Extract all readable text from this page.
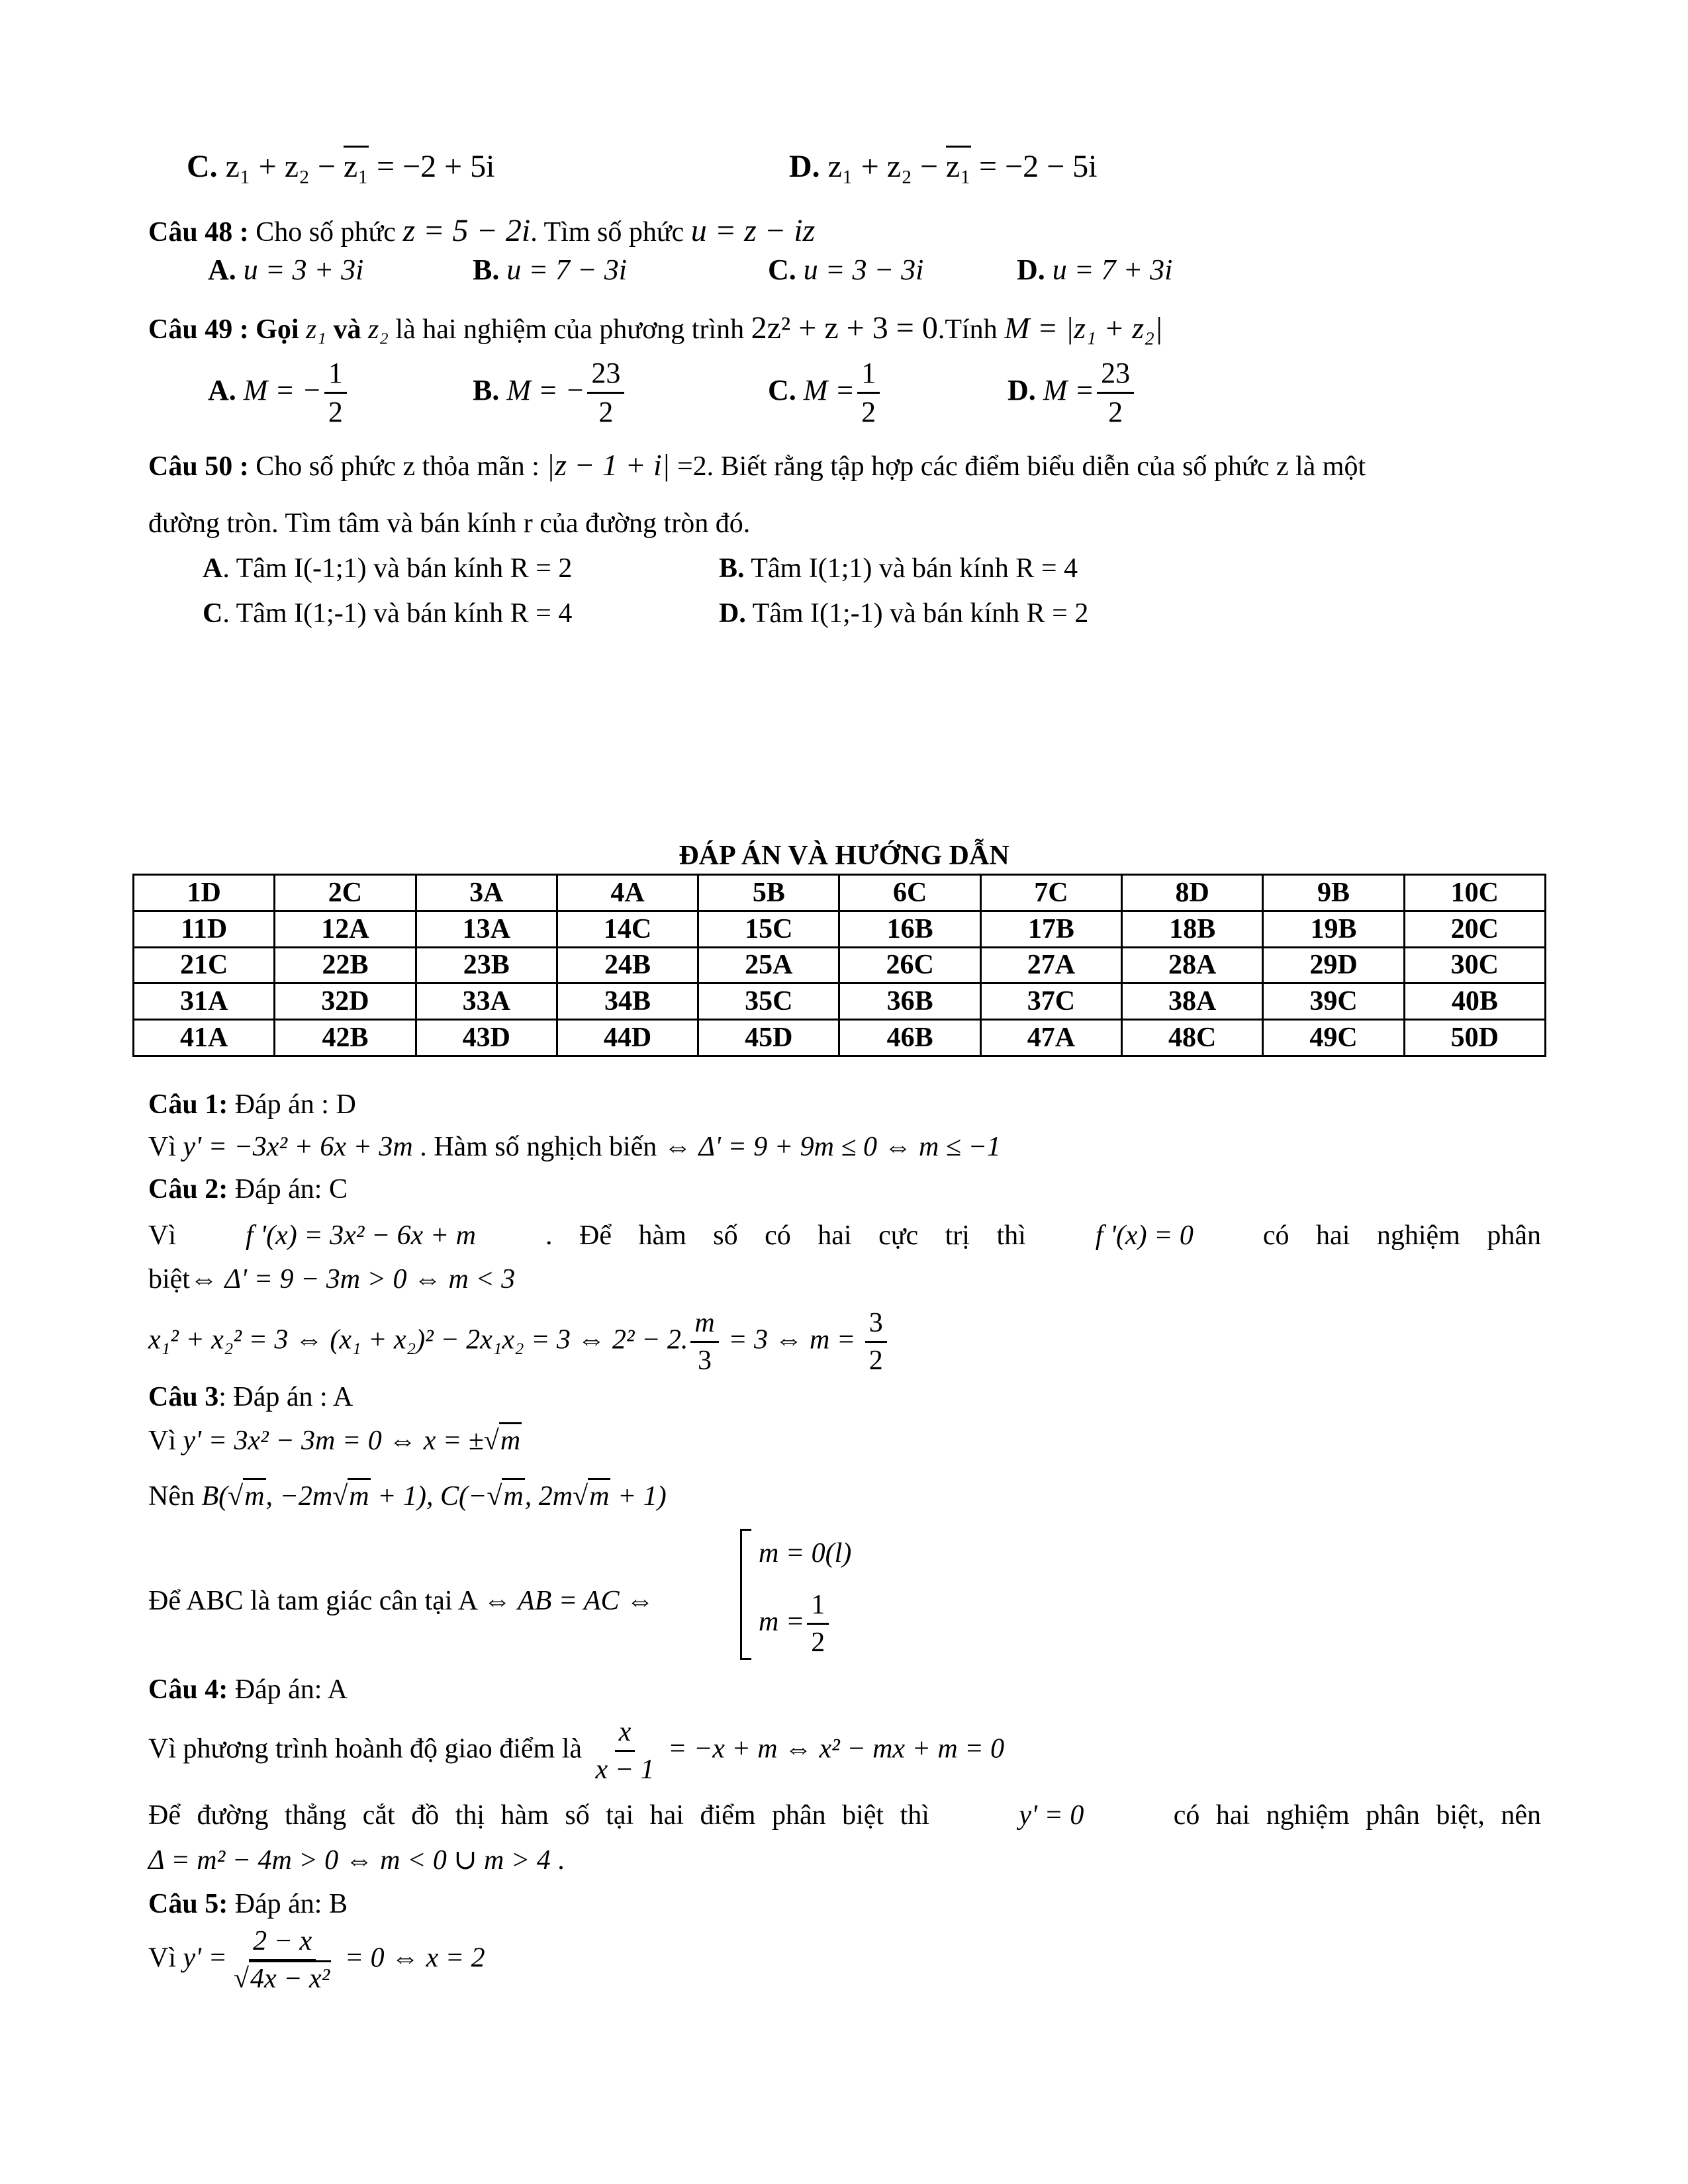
C. z₁ + z₂ − z₁ = −2 + 5i	D. z₁ + z₂ − z₁ = −2 − 5i
Câu 48 : Cho số phức z = 5 − 2i. Tìm số phức u = z − iz
A. u = 3 + 3i	B. u = 7 − 3i	C. u = 3 − 3i	D. u = 7 + 3i
Câu 49 : Gọi z₁ và z₂ là hai nghiệm của phương trình 2z² + z + 3 = 0.Tính M = |z₁ + z₂|
A. M = − $\frac{1}{2}$	B. M = − $\frac{23}{2}$	C. $M = \frac{1}{2}$	D. $M = \frac{23}{2}$
Câu 50 : Cho số phức z thỏa mãn : |z − 1 + i| =2. Biết rằng tập hợp các điểm biểu diễn của số phức z là một
đường tròn. Tìm tâm và bán kính r của đường tròn đó.
A. Tâm I(-1;1) và bán kính R = 2	B. Tâm I(1;1) và bán kính R = 4
C. Tâm I(1;-1) và bán kính R = 4	D. Tâm I(1;-1) và bán kính R = 2
ĐÁP ÁN VÀ HƯỚNG DẪN
1D	2C	3A	4A	5B	6C	7C	8D	9B	10C
11D	12A	13A	14C	15C	16B	17B	18B	19B	20C
21C	22B	23B	24B	25A	26C	27A	28A	29D	30C
31A	32D	33A	34B	35C	36B	37C	38A	39C	40B
41A	42B	43D	44D	45D	46B	47A	48C	49C	50D
Câu 1: Đáp án : D
Vì y' = −3x² + 6x + 3m . Hàm số nghịch biến ⇔ Δ' = 9 + 9m ≤ 0 ⇔ m ≤ −1
Câu 2: Đáp án: C
Vì	f '(x) = 3x² − 6x + m	. Để hàm số có hai cực trị thì	f '(x) = 0	có hai nghiệm phân
biệt⇔ Δ' = 9 − 3m > 0 ⇔ m < 3
x₁² + x₂² = 3 ⇔ (x₁ + x₂)² − 2x₁x₂ = 3 ⇔ 2² − 2. $\frac{m}{3} = 3$ ⇔ $m = \frac{3}{2}$
Câu 3: Đáp án : A
Vì y' = 3x² − 3m = 0 ⇔ x = ±√m
Nên B(√m, −2m√m + 1), C(−√m, 2m√m + 1)
Để ABC là tam giác cân tại A ⇔ AB = AC ⇔
m = 0(l)
$m = \frac{1}{2}$
Câu 4: Đáp án: A
Vì phương trình hoành độ giao điểm là $\frac{x}{x - 1} = -x + m$ ⇔ x² − mx + m = 0
Để đường thẳng cắt đồ thị hàm số tại hai điểm phân biệt thì	y' = 0	có hai nghiệm phân biệt, nên
Δ = m² − 4m > 0 ⇔ m < 0 ∪ m > 4 .
Câu 5: Đáp án: B
Vì $y' = \frac{2 - x}{\text{√4x − x²}} = 0$ ⇔ x = 2
